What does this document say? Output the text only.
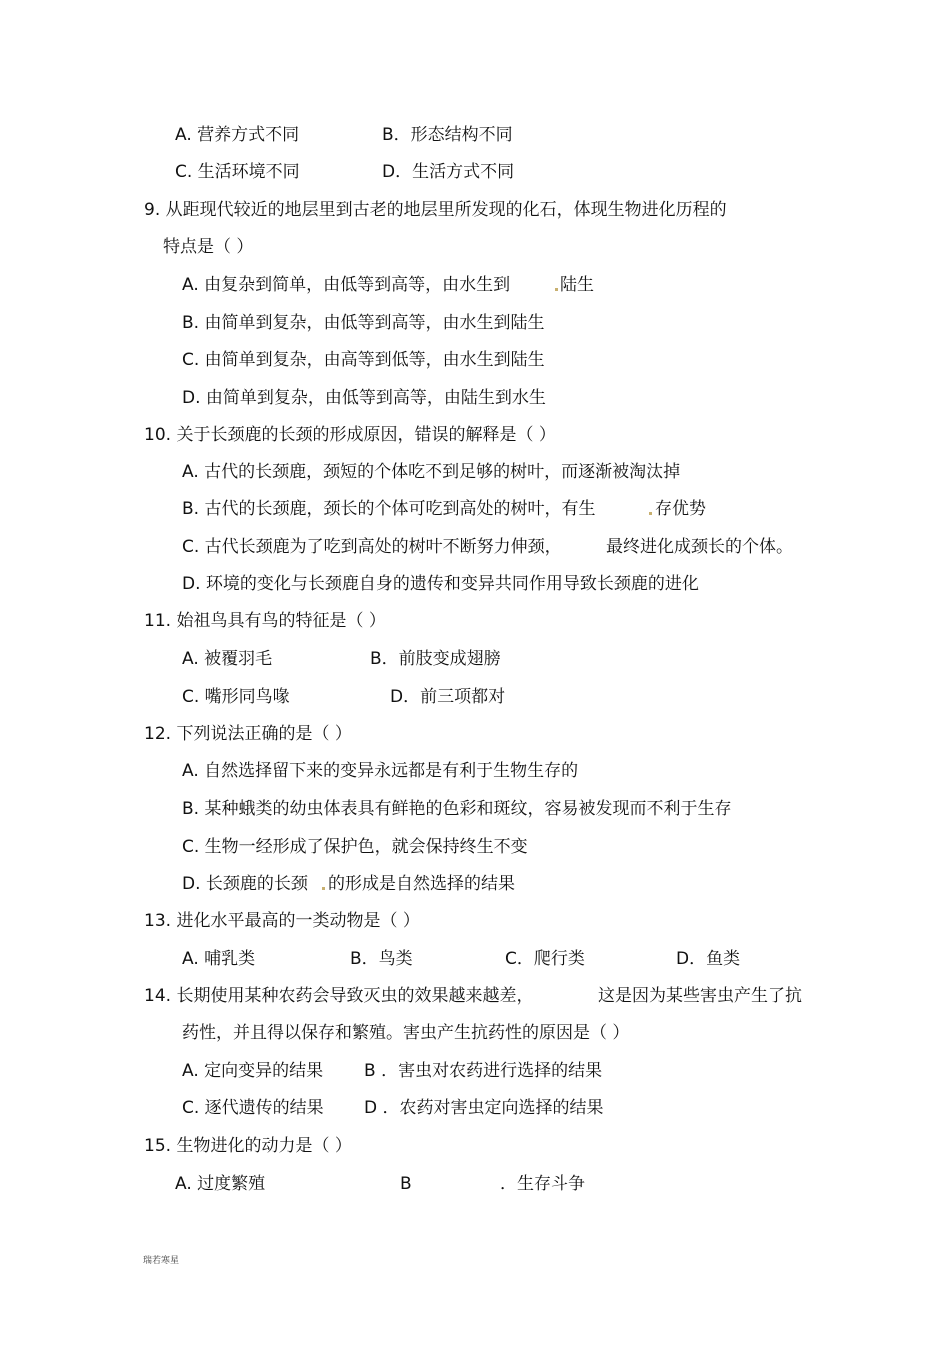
A. 营养方式不同	B．形态结构不同
C. 生活环境不同	D．生活方式不同
9. 从距现代较近的地层里到古老的地层里所发现的化石，体现生物进化历程的
特点是（ ）
A. 由复杂到简单，由低等到高等，由水生到	陆生
B. 由简单到复杂，由低等到高等，由水生到陆生
C. 由简单到复杂，由高等到低等，由水生到陆生
D. 由简单到复杂，由低等到高等，由陆生到水生
10. 关于长颈鹿的长颈的形成原因，错误的解释是（ ）
A. 古代的长颈鹿，颈短的个体吃不到足够的树叶，而逐渐被淘汰掉
B. 古代的长颈鹿，颈长的个体可吃到高处的树叶，有生	存优势
C. 古代长颈鹿为了吃到高处的树叶不断努力伸颈，	最终进化成颈长的个体。
D. 环境的变化与长颈鹿自身的遗传和变异共同作用导致长颈鹿的进化
11. 始祖鸟具有鸟的特征是（ ）
A. 被覆羽毛	B．前肢变成翅膀
C. 嘴形同鸟喙	D．前三项都对
12. 下列说法正确的是（ ）
A. 自然选择留下来的变异永远都是有利于生物生存的
B. 某种蛾类的幼虫体表具有鲜艳的色彩和斑纹，容易被发现而不利于生存
C. 生物一经形成了保护色，就会保持终生不变
D. 长颈鹿的长颈 的形成是自然选择的结果
13. 进化水平最高的一类动物是（ ）
A. 哺乳类	B．鸟类	C．爬行类	D．鱼类
14. 长期使用某种农药会导致灭虫的效果越来越差，	这是因为某些害虫产生了抗
药性，并且得以保存和繁殖。害虫产生抗药性的原因是（ ）
A. 定向变异的结果 B ．害虫对农药进行选择的结果
C. 逐代遗传的结果 D ．农药对害虫定向选择的结果
15. 生物进化的动力是（ ）
A. 过度繁殖	B	．生存斗争
瑞若寒星
